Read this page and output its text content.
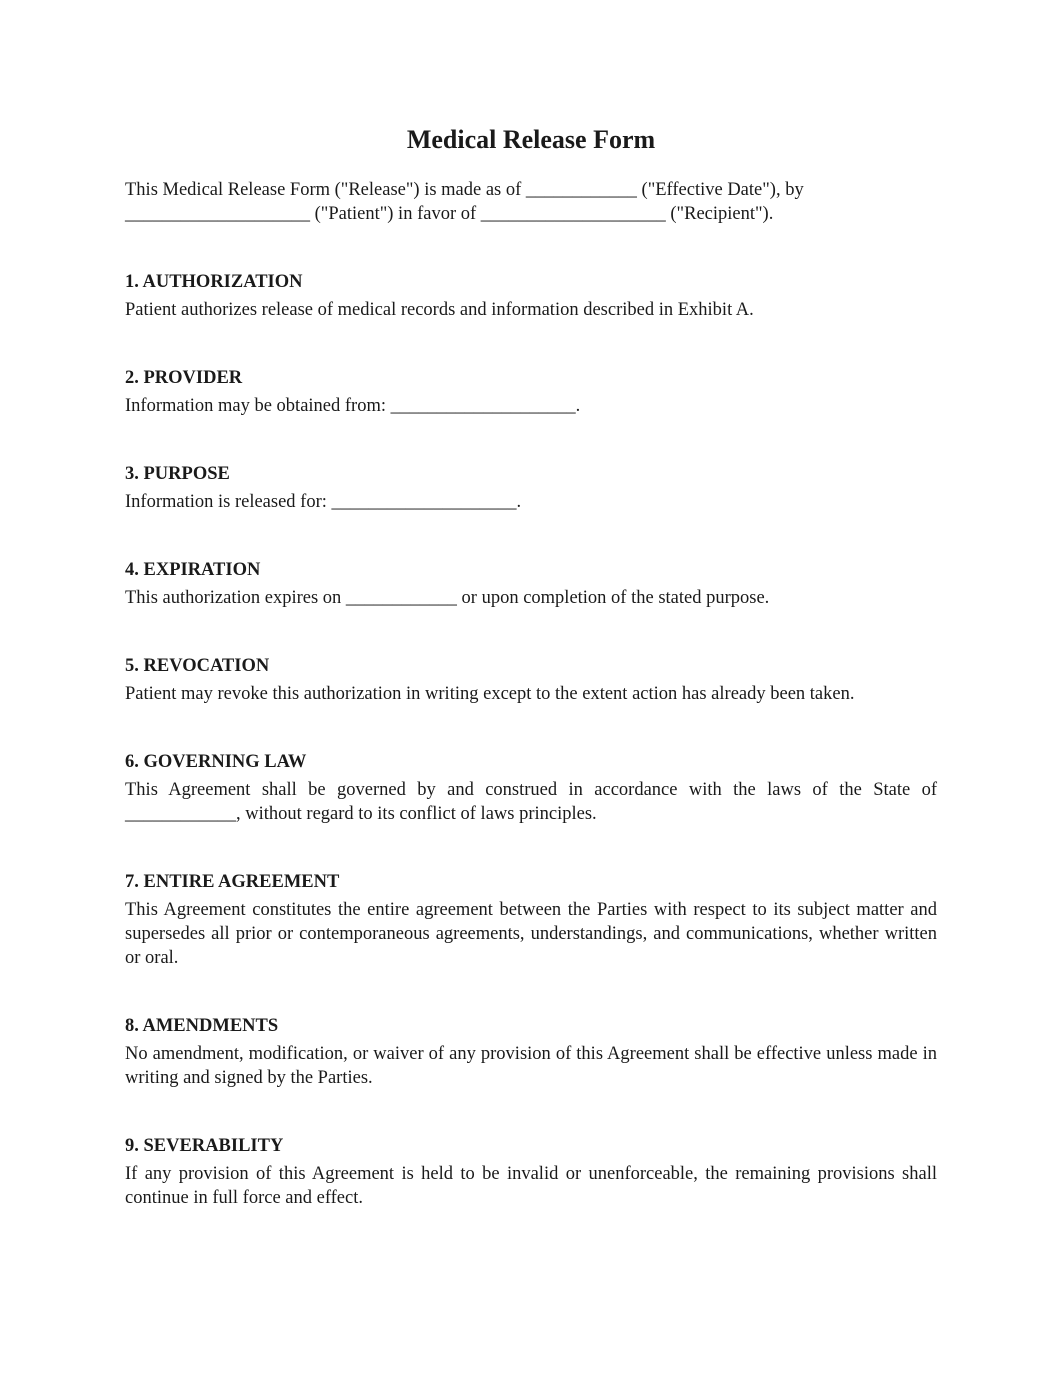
Medical Release Form
This Medical Release Form ("Release") is made as of ____________ ("Effective Date"), by
____________________ ("Patient") in favor of ____________________ ("Recipient").
1. AUTHORIZATION

Patient authorizes release of medical records and information described in Exhibit A.

2. PROVIDER

Information may be obtained from: ____________________.

3. PURPOSE

Information is released for: ____________________.

4. EXPIRATION

This authorization expires on ____________ or upon completion of the stated purpose.

5. REVOCATION

Patient may revoke this authorization in writing except to the extent action has already been taken.

6. GOVERNING LAW

This Agreement shall be governed by and construed in accordance with the laws of the State of ____________, without regard to its conflict of laws principles.

7. ENTIRE AGREEMENT

This Agreement constitutes the entire agreement between the Parties with respect to its subject matter and supersedes all prior or contemporaneous agreements, understandings, and communications, whether written or oral.

8. AMENDMENTS

No amendment, modification, or waiver of any provision of this Agreement shall be effective unless made in writing and signed by the Parties.

9. SEVERABILITY

If any provision of this Agreement is held to be invalid or unenforceable, the remaining provisions shall continue in full force and effect.
